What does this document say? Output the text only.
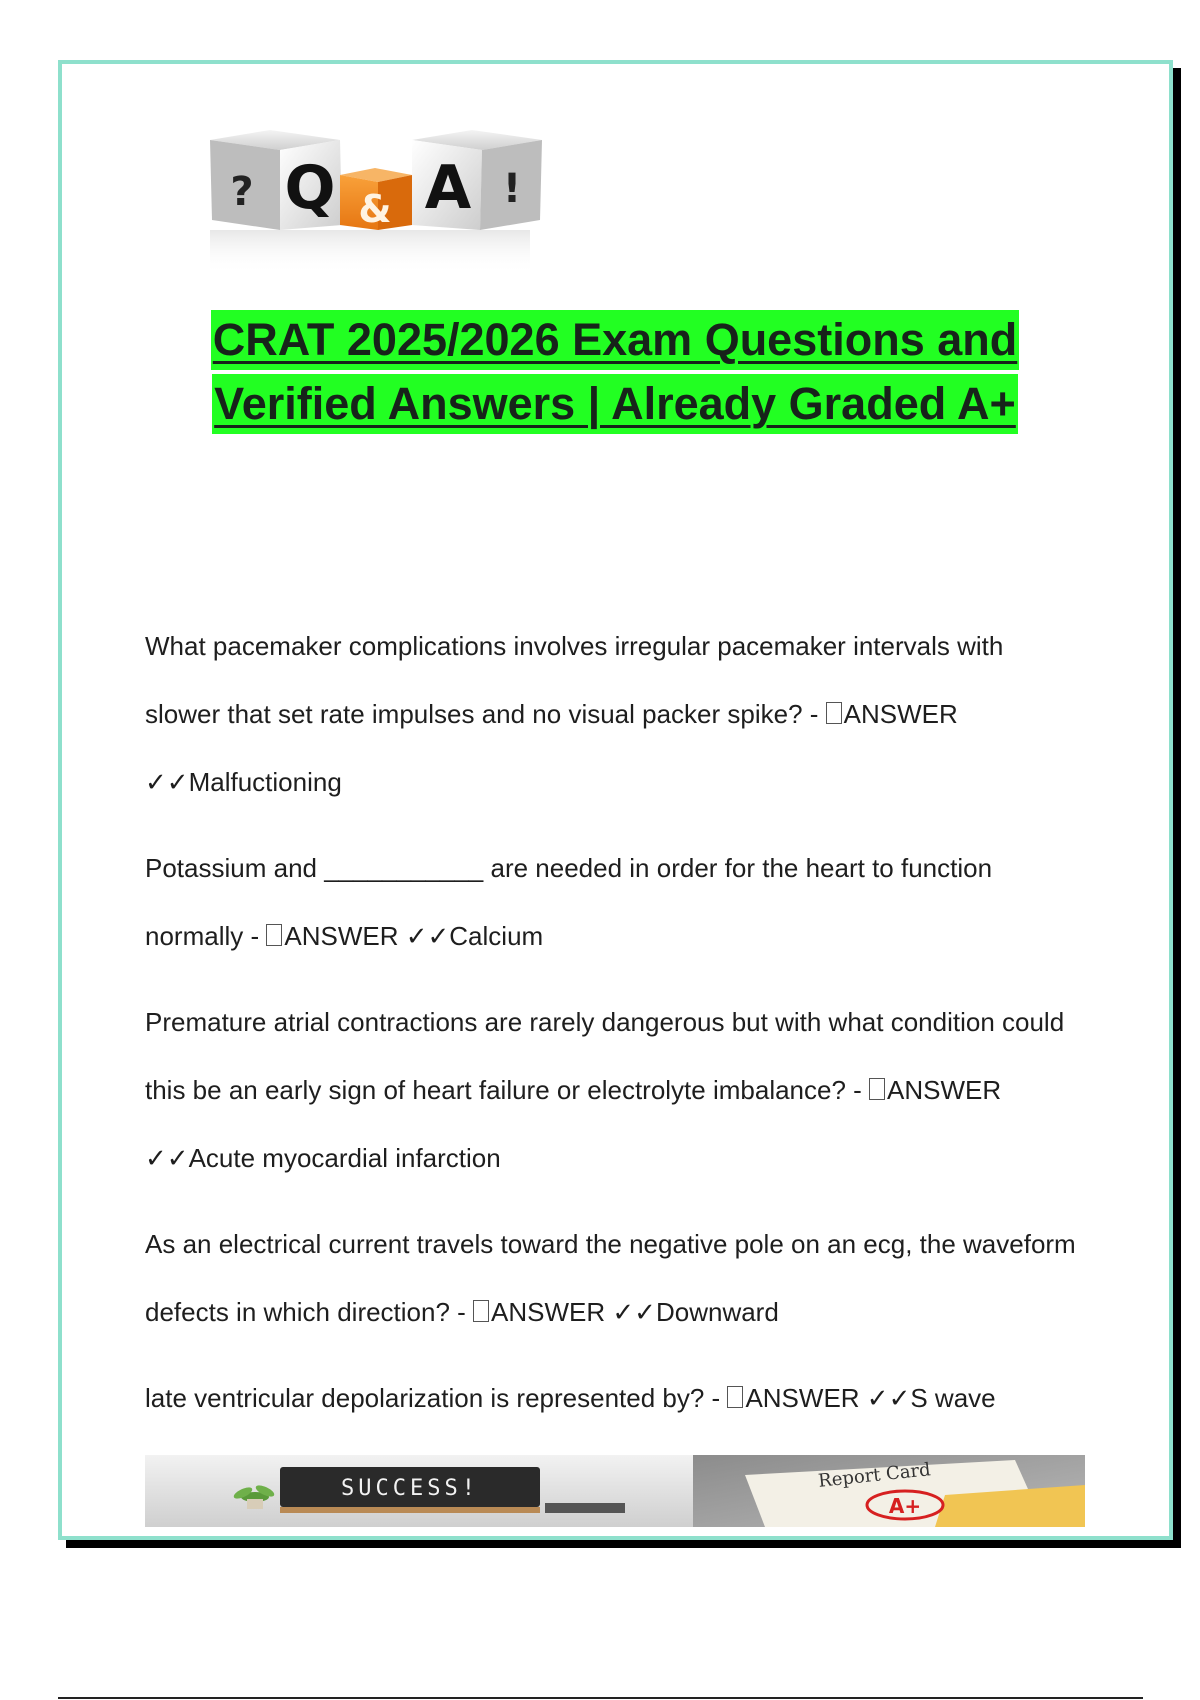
? Q & A !
CRAT 2025/2026 Exam Questions and
Verified Answers | Already Graded A+
What pacemaker complications involves irregular pacemaker intervals with slower that set rate impulses and no visual packer spike? - ANSWER ✓✓Malfuctioning
Potassium and ___________ are needed in order for the heart to function normally - ANSWER ✓✓Calcium
Premature atrial contractions are rarely dangerous but with what condition could this be an early sign of heart failure or electrolyte imbalance? - ANSWER ✓✓Acute myocardial infarction
As an electrical current travels toward the negative pole on an ecg, the waveform defects in which direction? - ANSWER ✓✓Downward
late ventricular depolarization is represented by? - ANSWER ✓✓S wave
SUCCESS!	Report Card
A+
